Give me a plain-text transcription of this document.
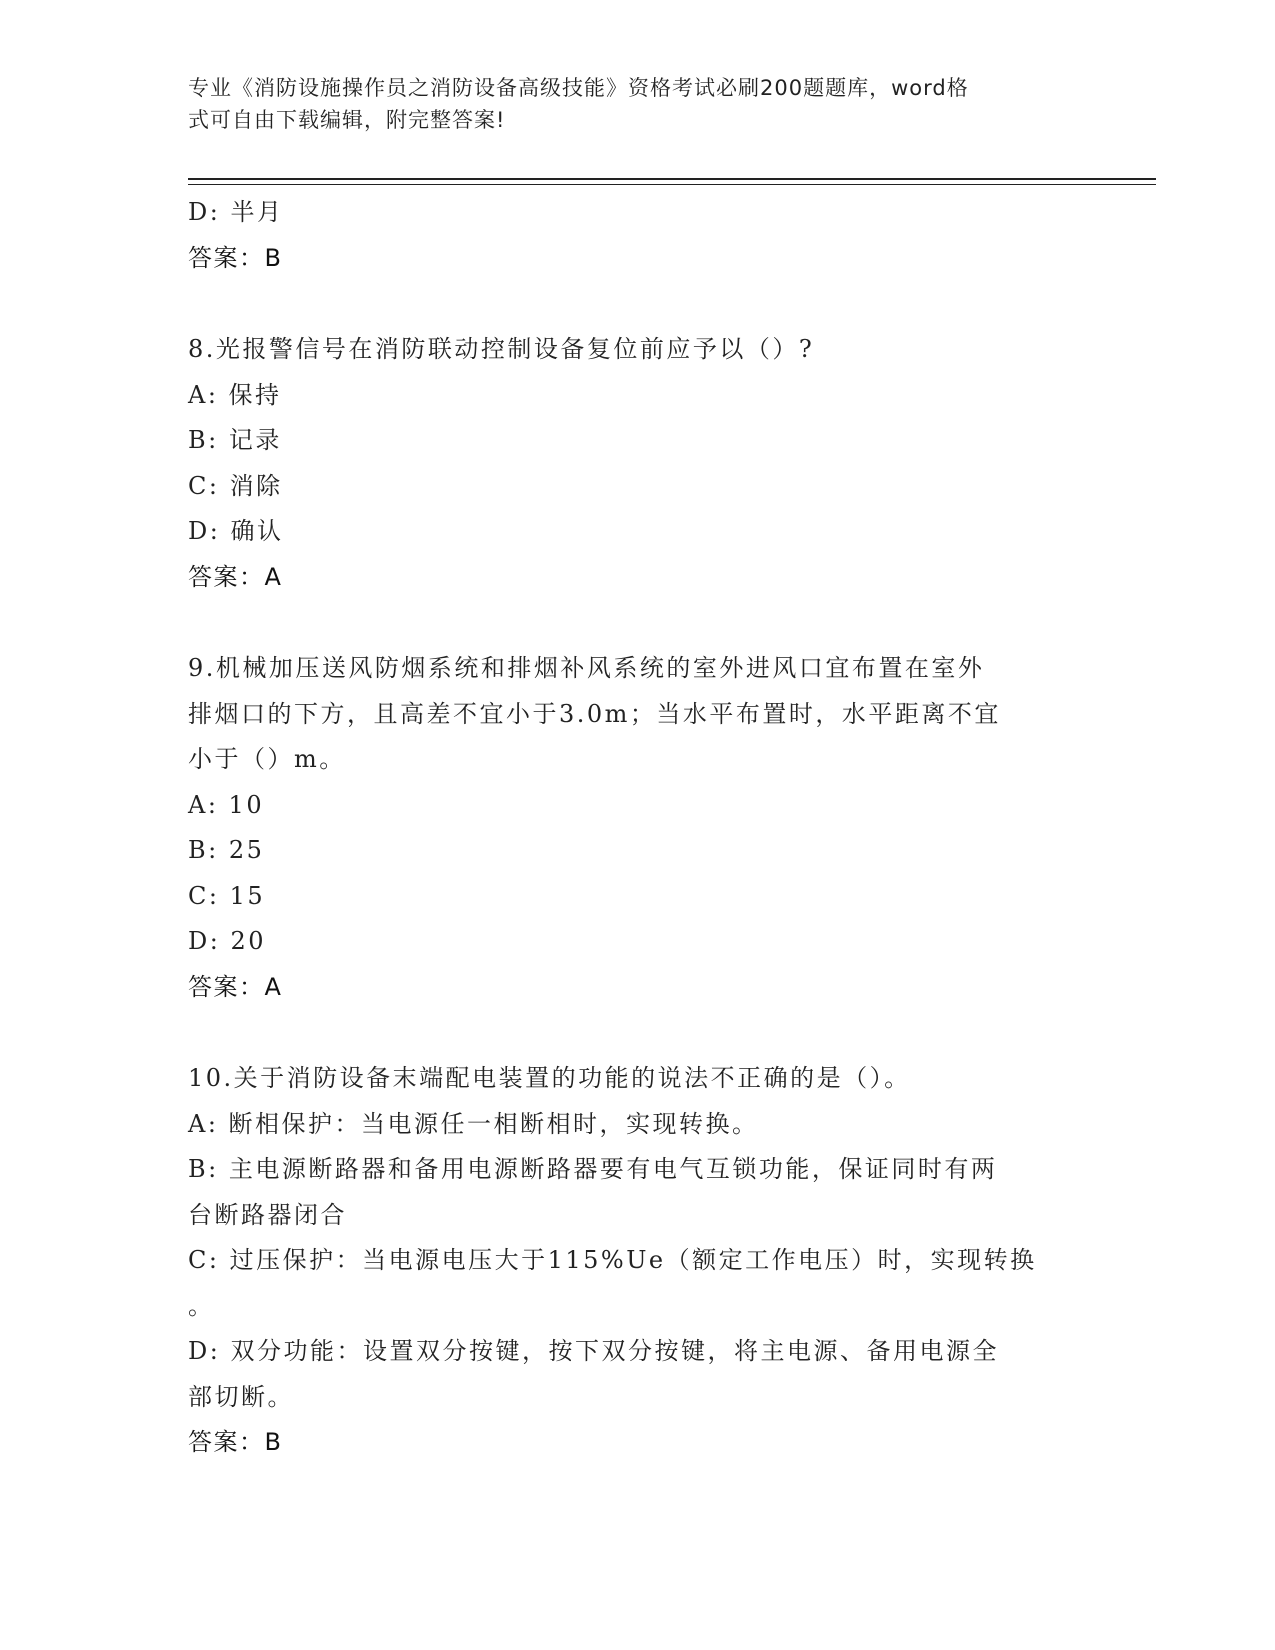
专业《消防设施操作员之消防设备高级技能》资格考试必刷200题题库，word格
式可自由下载编辑，附完整答案!

D: 半月

答案：B

8.光报警信号在消防联动控制设备复位前应予以（）?

A: 保持

B: 记录

C: 消除

D: 确认

答案：A

9.机械加压送风防烟系统和排烟补风系统的室外进风口宜布置在室外

排烟口的下方，且高差不宜小于3.0m；当水平布置时，水平距离不宜

小于（）m。

A: 10

B: 25

C: 15

D: 20

答案：A

10.关于消防设备末端配电装置的功能的说法不正确的是（）。

A: 断相保护：当电源任一相断相时，实现转换。

B: 主电源断路器和备用电源断路器要有电气互锁功能，保证同时有两

台断路器闭合

C: 过压保护：当电源电压大于115%Ue（额定工作电压）时，实现转换

。

D: 双分功能：设置双分按键，按下双分按键，将主电源、备用电源全

部切断。

答案：B
